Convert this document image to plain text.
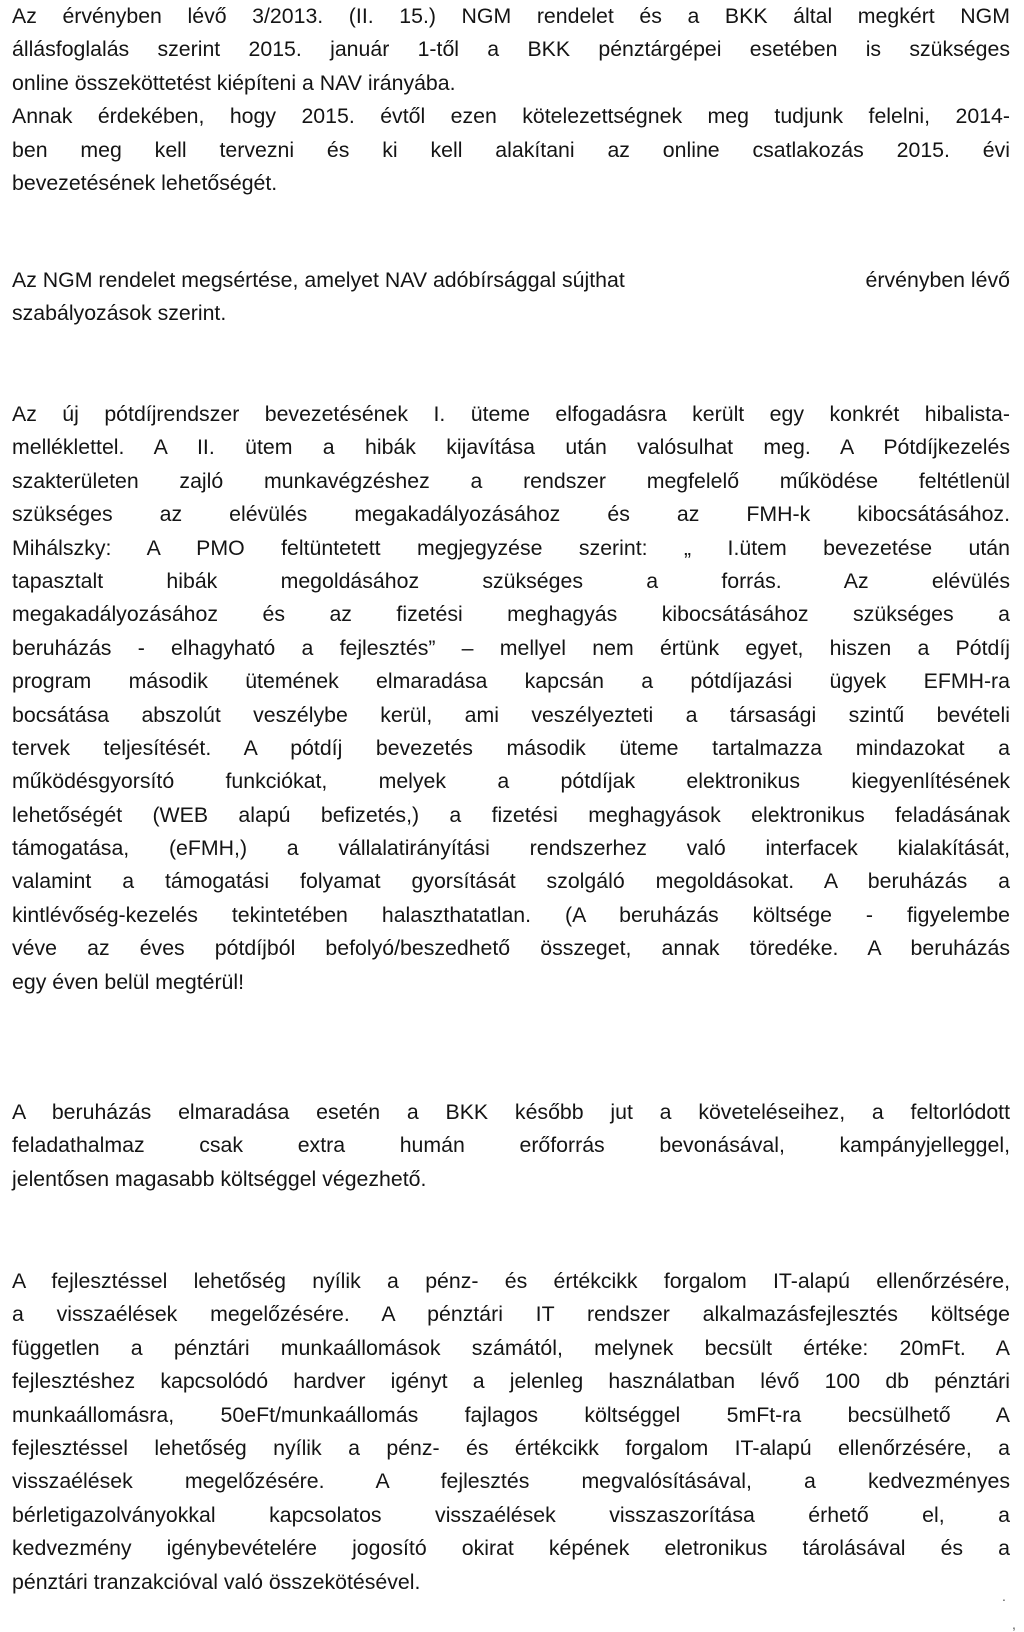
Az érvényben lévő 3/2013. (II. 15.) NGM rendelet és a BKK által megkért NGM
állásfoglalás szerint 2015. január 1-től a BKK pénztárgépei esetében is szükséges
online összeköttetést kiépíteni a NAV irányába.
Annak érdekében, hogy 2015. évtől ezen kötelezettségnek meg tudjunk felelni, 2014-
ben meg kell tervezni és ki kell alakítani az online csatlakozás 2015. évi
bevezetésének lehetőségét.
Az NGM rendelet megsértése, amelyet NAV adóbírsággal sújthat	érvényben lévő
szabályozások szerint.
Az új pótdíjrendszer bevezetésének I. üteme elfogadásra került egy konkrét hibalista-
melléklettel. A II. ütem a hibák kijavítása után valósulhat meg. A Pótdíjkezelés
szakterületen zajló munkavégzéshez a rendszer megfelelő működése feltétlenül
szükséges az elévülés megakadályozásához és az FMH-k kibocsátásához.
Mihálszky: A PMO feltüntetett megjegyzése szerint: „ I.ütem bevezetése után
tapasztalt hibák megoldásához szükséges a forrás. Az elévülés
megakadályozásához és az fizetési meghagyás kibocsátásához szükséges a
beruházás - elhagyható a fejlesztés” – mellyel nem értünk egyet, hiszen a Pótdíj
program második ütemének elmaradása kapcsán a pótdíjazási ügyek EFMH-ra
bocsátása abszolút veszélybe kerül, ami veszélyezteti a társasági szintű bevételi
tervek teljesítését. A pótdíj bevezetés második üteme tartalmazza mindazokat a
működésgyorsító funkciókat, melyek a pótdíjak elektronikus kiegyenlítésének
lehetőségét (WEB alapú befizetés,) a fizetési meghagyások elektronikus feladásának
támogatása, (eFMH,) a vállalatirányítási rendszerhez való interfacek kialakítását,
valamint a támogatási folyamat gyorsítását szolgáló megoldásokat. A beruházás a
kintlévőség-kezelés tekintetében halaszthatatlan. (A beruházás költsége - figyelembe
véve az éves pótdíjból befolyó/beszedhető összeget, annak töredéke. A beruházás
egy éven belül megtérül!
A beruházás elmaradása esetén a BKK később jut a követeléseihez, a feltorlódott
feladathalmaz csak extra humán erőforrás bevonásával, kampányjelleggel,
jelentősen magasabb költséggel végezhető.
A fejlesztéssel lehetőség nyílik a pénz- és értékcikk forgalom IT-alapú ellenőrzésére,
a visszaélések megelőzésére. A pénztári IT rendszer alkalmazásfejlesztés költsége
független a pénztári munkaállomások számától, melynek becsült értéke: 20mFt. A
fejlesztéshez kapcsolódó hardver igényt a jelenleg használatban lévő 100 db pénztári
munkaállomásra, 50eFt/munkaállomás fajlagos költséggel 5mFt-ra becsülhető A
fejlesztéssel lehetőség nyílik a pénz- és értékcikk forgalom IT-alapú ellenőrzésére, a
visszaélések megelőzésére. A fejlesztés megvalósításával, a kedvezményes
bérletigazolványokkal kapcsolatos visszaélések visszaszorítása érhető el, a
kedvezmény igénybevételére jogosító okirat képének eletronikus tárolásával és a
pénztári tranzakcióval való összekötésével.
.
,
